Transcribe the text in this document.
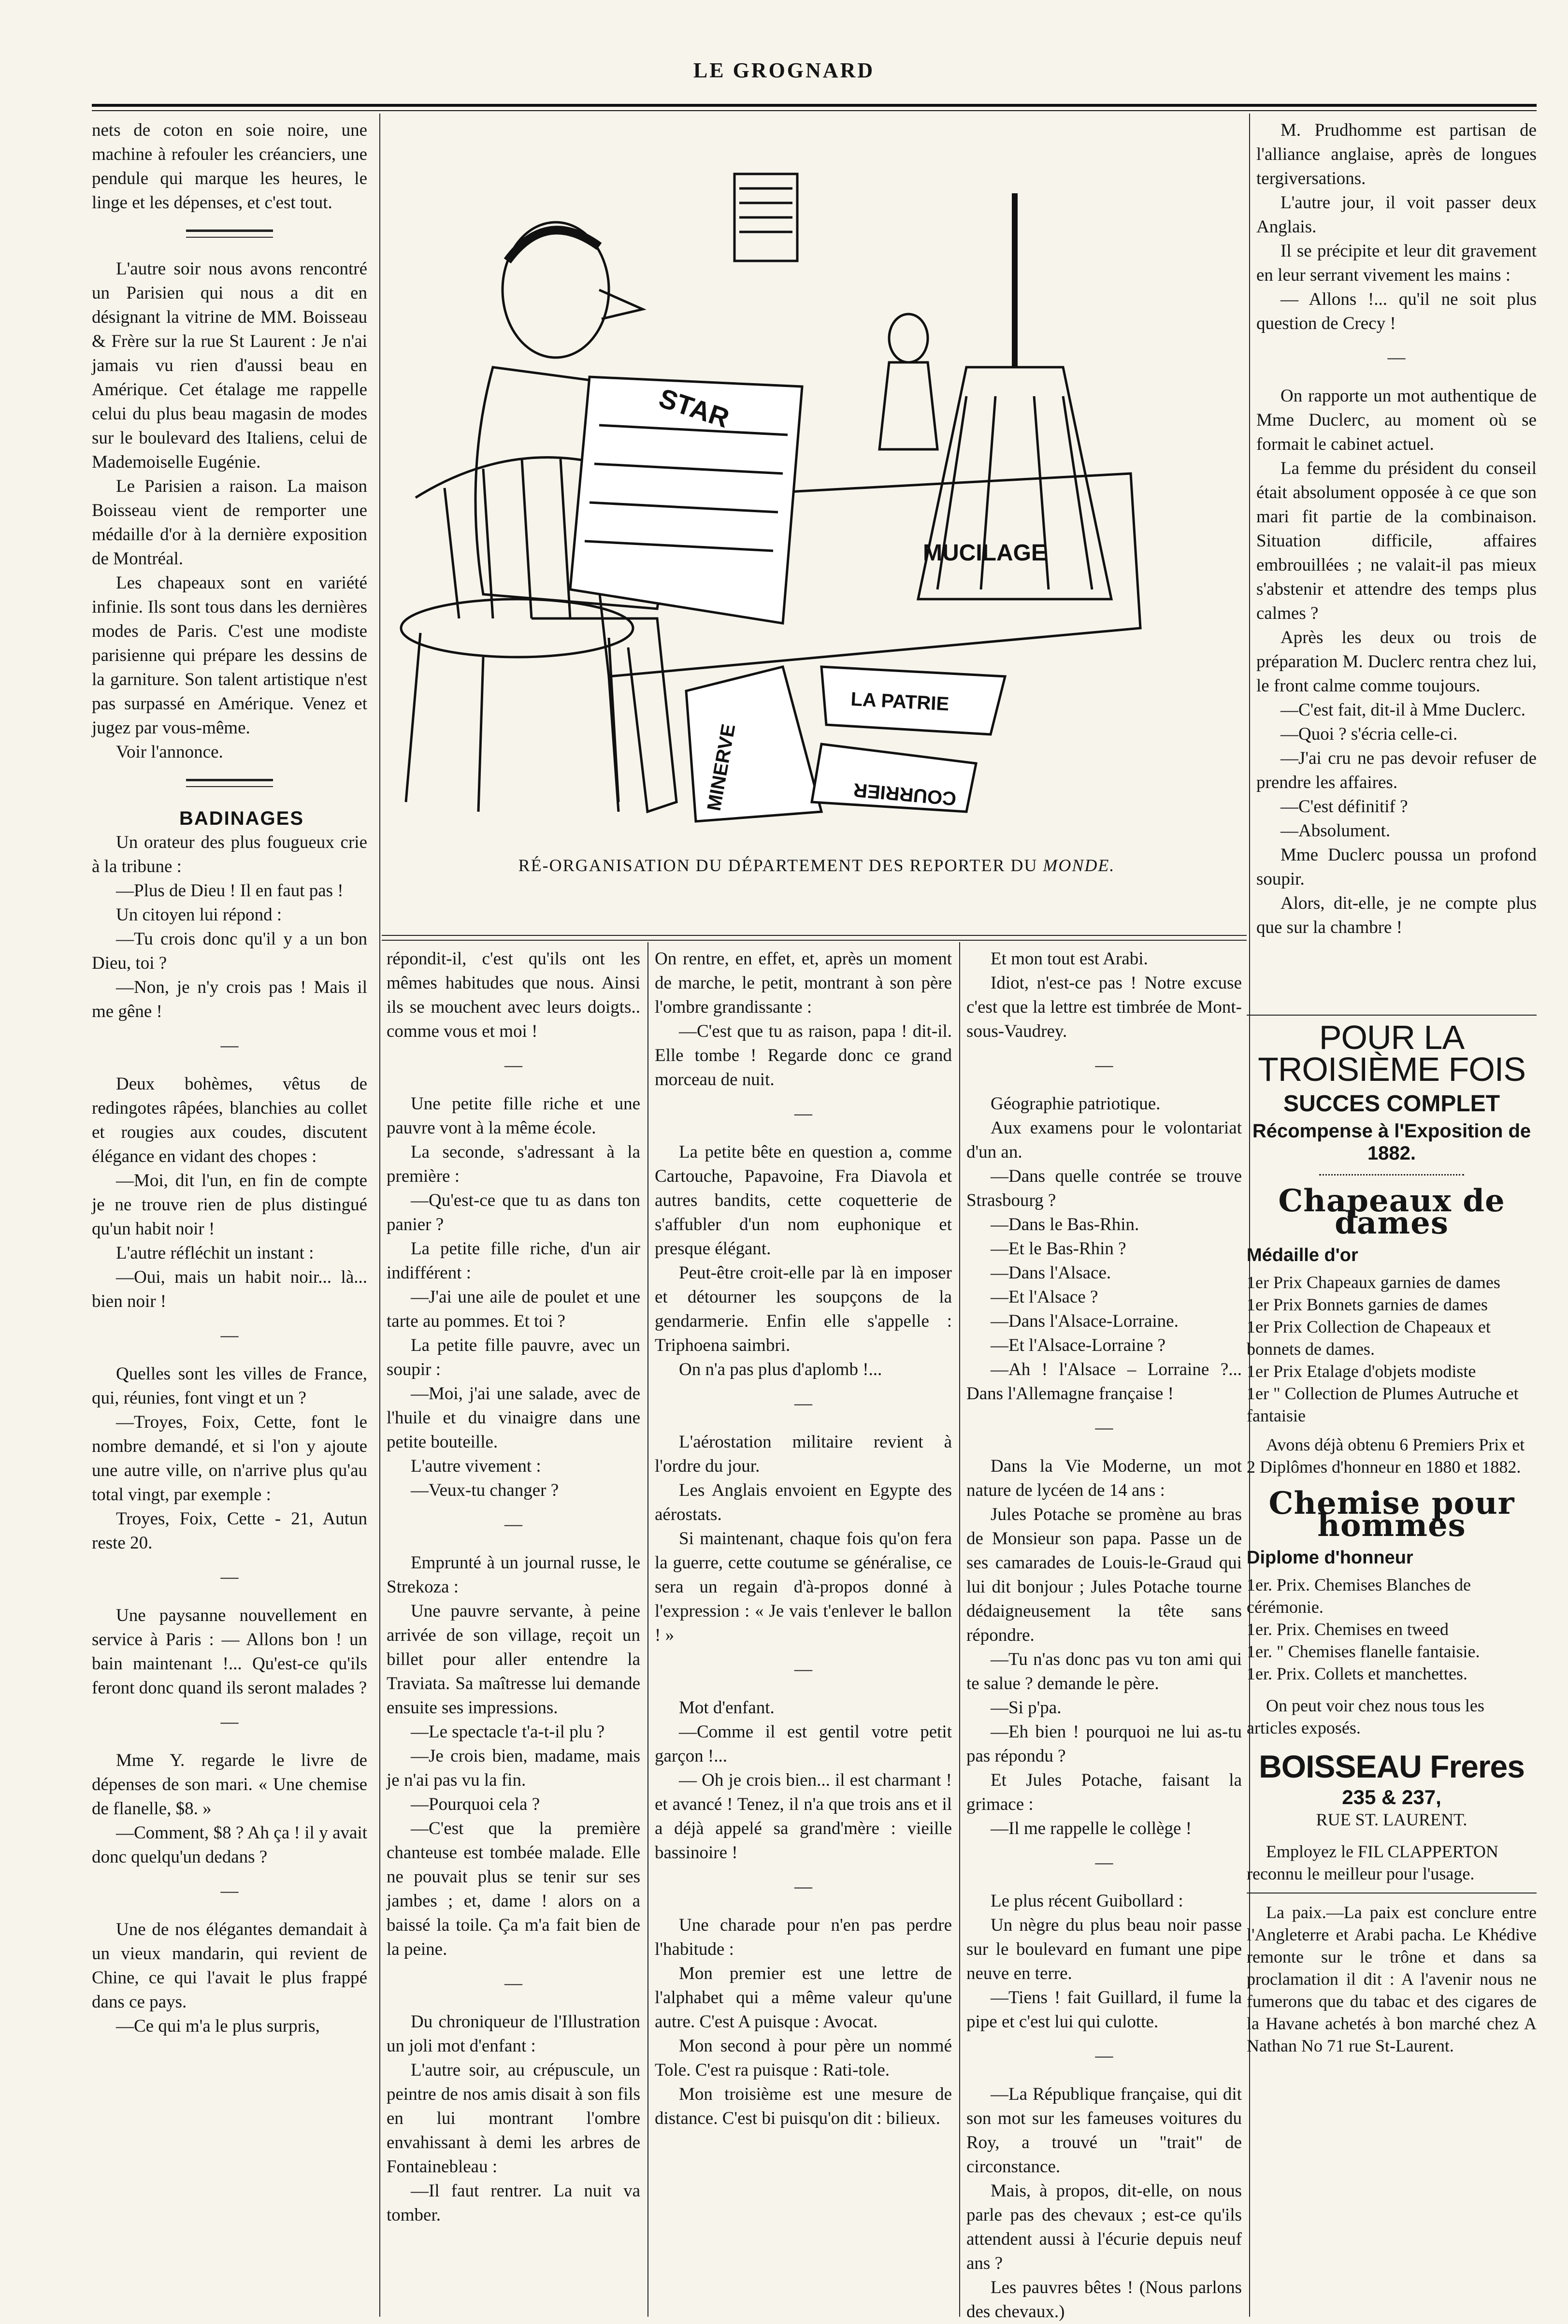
LE GROGNARD

nets de coton en soie noire, une machine à refouler les créanciers, une pendule qui marque les heures, le linge et les dépenses, et c'est tout.

L'autre soir nous avons rencontré un Parisien qui nous a dit en désignant la vitrine de MM. Boisseau & Frère sur la rue St Laurent : Je n'ai jamais vu rien d'aussi beau en Amérique. Cet étalage me rappelle celui du plus beau magasin de modes sur le boulevard des Italiens, celui de Mademoiselle Eugénie.

Le Parisien a raison. La maison Boisseau vient de remporter une médaille d'or à la dernière exposition de Montréal.

Les chapeaux sont en variété infinie. Ils sont tous dans les dernières modes de Paris. C'est une modiste parisienne qui prépare les dessins de la garniture. Son talent artistique n'est pas surpassé en Amérique. Venez et jugez par vous-même.

Voir l'annonce.

BADINAGES

Un orateur des plus fougueux crie à la tribune :

—Plus de Dieu ! Il en faut pas !

Un citoyen lui répond :

—Tu crois donc qu'il y a un bon Dieu, toi ?

—Non, je n'y crois pas ! Mais il me gêne !

—

Deux bohèmes, vêtus de redingotes râpées, blanchies au collet et rougies aux coudes, discutent élégance en vidant des chopes :

—Moi, dit l'un, en fin de compte je ne trouve rien de plus distingué qu'un habit noir !

L'autre réfléchit un instant :

—Oui, mais un habit noir... là... bien noir !

—

Quelles sont les villes de France, qui, réunies, font vingt et un ?

—Troyes, Foix, Cette, font le nombre demandé, et si l'on y ajoute une autre ville, on n'arrive plus qu'au total vingt, par exemple :

Troyes, Foix, Cette - 21, Autun reste 20.

—

Une paysanne nouvellement en service à Paris : — Allons bon ! un bain maintenant !... Qu'est-ce qu'ils feront donc quand ils seront malades ?

—

Mme Y. regarde le livre de dépenses de son mari. « Une chemise de flanelle, $8. »

—Comment, $8 ? Ah ça ! il y avait donc quelqu'un dedans ?

—

Une de nos élégantes demandait à un vieux mandarin, qui revient de Chine, ce qui l'avait le plus frappé dans ce pays.

—Ce qui m'a le plus surpris,

STAR
MUCILAGE
MINERVE
LA PATRIE
COURRIER
RÉ-ORGANISATION DU DÉPARTEMENT DES REPORTER DU MONDE.

répondit-il, c'est qu'ils ont les mêmes habitudes que nous. Ainsi ils se mouchent avec leurs doigts.. comme vous et moi !

—

Une petite fille riche et une pauvre vont à la même école.

La seconde, s'adressant à la première :

—Qu'est-ce que tu as dans ton panier ?

La petite fille riche, d'un air indifférent :

—J'ai une aile de poulet et une tarte au pommes. Et toi ?

La petite fille pauvre, avec un soupir :

—Moi, j'ai une salade, avec de l'huile et du vinaigre dans une petite bouteille.

L'autre vivement :

—Veux-tu changer ?

—

Emprunté à un journal russe, le Strekoza :

Une pauvre servante, à peine arrivée de son village, reçoit un billet pour aller entendre la Traviata. Sa maîtresse lui demande ensuite ses impressions.

—Le spectacle t'a-t-il plu ?

—Je crois bien, madame, mais je n'ai pas vu la fin.

—Pourquoi cela ?

—C'est que la première chanteuse est tombée malade. Elle ne pouvait plus se tenir sur ses jambes ; et, dame ! alors on a baissé la toile. Ça m'a fait bien de la peine.

—

Du chroniqueur de l'Illustration un joli mot d'enfant :

L'autre soir, au crépuscule, un peintre de nos amis disait à son fils en lui montrant l'ombre envahissant à demi les arbres de Fontainebleau :

—Il faut rentrer. La nuit va tomber.

On rentre, en effet, et, après un moment de marche, le petit, montrant à son père l'ombre grandissante :

—C'est que tu as raison, papa ! dit-il. Elle tombe ! Regarde donc ce grand morceau de nuit.

—

La petite bête en question a, comme Cartouche, Papavoine, Fra Diavola et autres bandits, cette coquetterie de s'affubler d'un nom euphonique et presque élégant.

Peut-être croit-elle par là en imposer et détourner les soupçons de la gendarmerie. Enfin elle s'appelle : Triphoena saimbri.

On n'a pas plus d'aplomb !...

—

L'aérostation militaire revient à l'ordre du jour.

Les Anglais envoient en Egypte des aérostats.

Si maintenant, chaque fois qu'on fera la guerre, cette coutume se généralise, ce sera un regain d'à-propos donné à l'expression : « Je vais t'enlever le ballon ! »

—

Mot d'enfant.

—Comme il est gentil votre petit garçon !...

— Oh je crois bien... il est charmant ! et avancé ! Tenez, il n'a que trois ans et il a déjà appelé sa grand'mère : vieille bassinoire !

—

Une charade pour n'en pas perdre l'habitude :

Mon premier est une lettre de l'alphabet qui a même valeur qu'une autre. C'est A puisque : Avocat.

Mon second à pour père un nommé Tole. C'est ra puisque : Rati-tole.

Mon troisième est une mesure de distance. C'est bi puisqu'on dit : bilieux.

Et mon tout est Arabi.

Idiot, n'est-ce pas ! Notre excuse c'est que la lettre est timbrée de Mont-sous-Vaudrey.

—

Géographie patriotique.

Aux examens pour le volontariat d'un an.

—Dans quelle contrée se trouve Strasbourg ?

—Dans le Bas-Rhin.

—Et le Bas-Rhin ?

—Dans l'Alsace.

—Et l'Alsace ?

—Dans l'Alsace-Lorraine.

—Et l'Alsace-Lorraine ?

—Ah ! l'Alsace – Lorraine ?... Dans l'Allemagne française !

—

Dans la Vie Moderne, un mot nature de lycéen de 14 ans :

Jules Potache se promène au bras de Monsieur son papa. Passe un de ses camarades de Louis-le-Graud qui lui dit bonjour ; Jules Potache tourne dédaigneusement la tête sans répondre.

—Tu n'as donc pas vu ton ami qui te salue ? demande le père.

—Si p'pa.

—Eh bien ! pourquoi ne lui as-tu pas répondu ?

Et Jules Potache, faisant la grimace :

—Il me rappelle le collège !

—

Le plus récent Guibollard :

Un nègre du plus beau noir passe sur le boulevard en fumant une pipe neuve en terre.

—Tiens ! fait Guillard, il fume la pipe et c'est lui qui culotte.

—

—La République française, qui dit son mot sur les fameuses voitures du Roy, a trouvé un "trait" de circonstance.

Mais, à propos, dit-elle, on nous parle pas des chevaux ; est-ce qu'ils attendent aussi à l'écurie depuis neuf ans ?

Les pauvres bêtes ! (Nous parlons des chevaux.)

M. Prudhomme est partisan de l'alliance anglaise, après de longues tergiversations.

L'autre jour, il voit passer deux Anglais.

Il se précipite et leur dit gravement en leur serrant vivement les mains :

— Allons !... qu'il ne soit plus question de Crecy !

—

On rapporte un mot authentique de Mme Duclerc, au moment où se formait le cabinet actuel.

La femme du président du conseil était absolument opposée à ce que son mari fit partie de la combinaison. Situation difficile, affaires embrouillées ; ne valait-il pas mieux s'abstenir et attendre des temps plus calmes ?

Après les deux ou trois de préparation M. Duclerc rentra chez lui, le front calme comme toujours.

—C'est fait, dit-il à Mme Duclerc.

—Quoi ? s'écria celle-ci.

—J'ai cru ne pas devoir refuser de prendre les affaires.

—C'est définitif ?

—Absolument.

Mme Duclerc poussa un profond soupir.

Alors, dit-elle, je ne compte plus que sur la chambre !

POUR LA TROISIÈME FOIS

SUCCES COMPLET

Récompense à l'Exposition de 1882.

Chapeaux de dames

Médaille d'or

1er Prix Chapeaux garnies de dames

1er Prix Bonnets garnies de dames

1er Prix Collection de Chapeaux et bonnets de dames.

1er Prix Etalage d'objets modiste

1er " Collection de Plumes Autruche et fantaisie

Avons déjà obtenu 6 Premiers Prix et 2 Diplômes d'honneur en 1880 et 1882.

Chemise pour hommes

Diplome d'honneur

1er. Prix. Chemises Blanches de cérémonie.

1er. Prix. Chemises en tweed

1er. " Chemises flanelle fantaisie.

1er. Prix. Collets et manchettes.

On peut voir chez nous tous les articles exposés.

BOISSEAU Freres

235 & 237,

RUE ST. LAURENT.

Employez le FIL CLAPPERTON reconnu le meilleur pour l'usage.

La paix.—La paix est conclure entre l'Angleterre et Arabi pacha. Le Khédive remonte sur le trône et dans sa proclamation il dit : A l'avenir nous ne fumerons que du tabac et des cigares de la Havane achetés à bon marché chez A Nathan No 71 rue St-Laurent.
